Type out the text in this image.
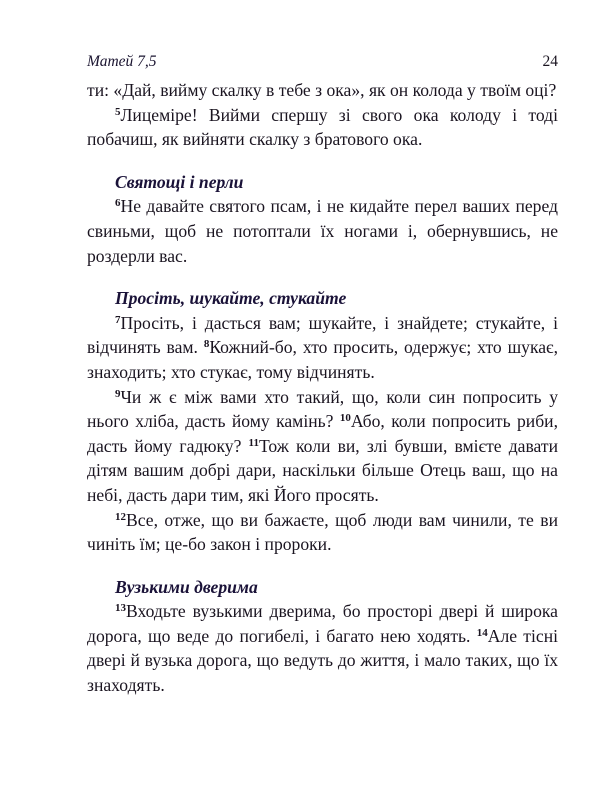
Матей 7,5	24

ти: «Дай, вийму скалку в тебе з ока», як он колода у твоїм оці?

$^5$Лицеміре! Вийми спершу зі свого ока колоду і тоді побачиш, як вийняти скалку з братового ока.

Святощі і перли

$^6$Не давайте святого псам, і не кидайте перел ваших перед свиньми, щоб не потоптали їх ногами і, обернувшись, не роздерли вас.

Просіть, шукайте, стукайте

$^7$Просіть, і дасться вам; шукайте, і знайдете; стукайте, і відчинять вам. $^8$Кожний-бо, хто просить, одержує; хто шукає, знаходить; хто стукає, тому відчинять.

$^9$Чи ж є між вами хто такий, що, коли син попросить у нього хліба, дасть йому камінь? $^{10}$Або, коли попросить риби, дасть йому гадюку? $^{11}$Тож коли ви, злі бувши, вмієте давати дітям вашим добрі дари, наскільки більше Отець ваш, що на небі, дасть дари тим, які Його просять.

$^{12}$Все, отже, що ви бажаєте, щоб люди вам чинили, те ви чиніть їм; це-бо закон і пророки.

Вузькими дверима

$^{13}$Входьте вузькими дверима, бо просторі двері й широка дорога, що веде до погибелі, і багато нею ходять. $^{14}$Але тісні двері й вузька дорога, що ведуть до життя, і мало таких, що їх знаходять.
